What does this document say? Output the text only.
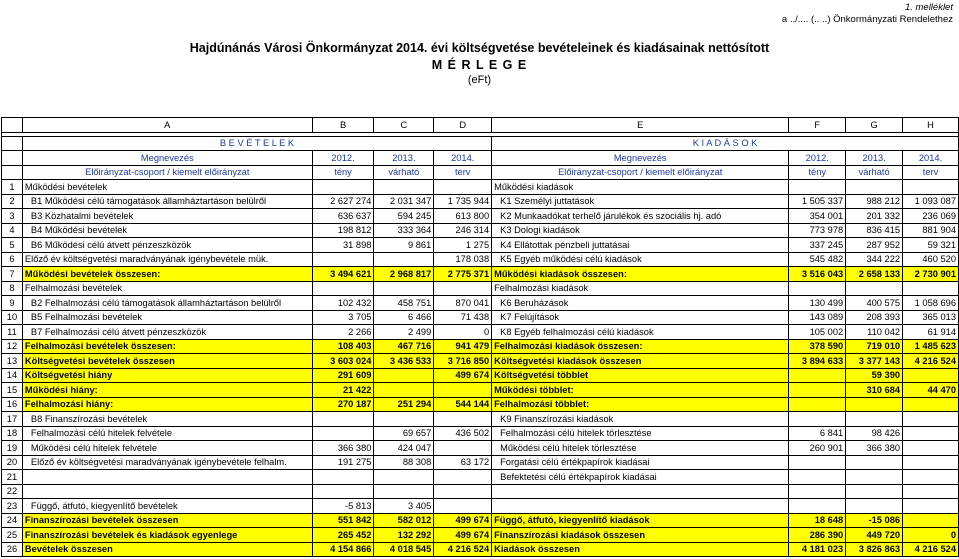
1. melléklet
a ../.... (.. ..) Önkormányzati Rendelethez
Hajdúnánás Városi Önkormányzat 2014. évi költségvetése bevételeinek és kiadásainak nettósított
M É R L E G E
(eFt)
	A	B	C	D	E	F	G	H

	B E V É T E L E K				K I A D Á S O K			
	Megnevezés	2012.	2013.	2014.	Megnevezés	2012.	2013.	2014.
	Előirányzat-csoport / kiemelt előirányzat	tény	várható	terv	Előirányzat-csoport / kiemelt előirányzat	tény	várható	terv
1	Működési bevételek				Működési kiadások			
2	B1 Működési célú támogatások államháztartáson belülről	2 627 274	2 031 347	1 735 944	K1 Személyi juttatások	1 505 337	988 212	1 093 087
3	B3 Közhatalmi bevételek	636 637	594 245	613 800	K2 Munkaadókat terhelő járulékok és szociális hj. adó	354 001	201 332	236 069
4	B4 Működési bevételek	198 812	333 364	246 314	K3 Dologi kiadások	773 978	836 415	881 904
5	B6 Működési célú átvett pénzeszközök	31 898	9 861	1 275	K4 Ellátottak pénzbeli juttatásai	337 245	287 952	59 321
6	Előző év költségvetési maradványának igénybevétele mük.			178 038	K5 Egyéb működési célú kiadások	545 482	344 222	460 520
7	Működési bevételek összesen:	3 494 621	2 968 817	2 775 371	Működési kiadások összesen:	3 516 043	2 658 133	2 730 901
8	Felhalmozási bevételek				Felhalmozási kiadások			
9	B2 Felhalmozási célú támogatások államháztartáson belülről	102 432	458 751	870 041	K6 Beruházások	130 499	400 575	1 058 696
10	B5 Felhalmozási bevételek	3 705	6 466	71 438	K7 Felújítások	143 089	208 393	365 013
11	B7 Felhalmozási célú átvett pénzeszközök	2 266	2 499	0	K8 Egyéb felhalmozási célú kiadások	105 002	110 042	61 914
12	Felhalmozási bevételek összesen:	108 403	467 716	941 479	Felhalmozási kiadások összesen:	378 590	719 010	1 485 623
13	Költségvetési bevételek összesen	3 603 024	3 436 533	3 716 850	Költségvetési kiadások összesen	3 894 633	3 377 143	4 216 524
14	Költségvetési hiány	291 609		499 674	Költségvetési többlet		59 390	
15	Működési hiány:	21 422			Működési többlet:		310 684	44 470
16	Felhalmozási hiány:	270 187	251 294	544 144	Felhalmozási többlet:			
17	B8 Finanszírozási bevételek				K9 Finanszírozási kiadások			
18	Felhalmozási célú hitelek felvétele		69 657	436 502	Felhalmozási célú hitelek törlesztése	6 841	98 426	
19	Működési célú hitelek felvétele	366 380	424 047		Működési célú hitelek törlesztése	260 901	366 380	
20	Előző év költségvetési maradványának igénybevétele felhalm.	191 275	88 308	63 172	Forgatási célú értékpapírok kiadásai			
21					Befektetési célú értékpapírok kiadásai			
22								
23	Függő, átfutó, kiegyenlítő bevételek	-5 813	3 405					
24	Finanszírozási bevételek összesen	551 842	582 012	499 674	Függő, átfutó, kiegyenlítő kiadások	18 648	-15 086	
25	Finanszírozási bevételek és kiadások egyenlege	265 452	132 292	499 674	Finanszírozási kiadások összesen	286 390	449 720	0
26	Bevételek összesen	4 154 866	4 018 545	4 216 524	Kiadások összesen	4 181 023	3 826 863	4 216 524
